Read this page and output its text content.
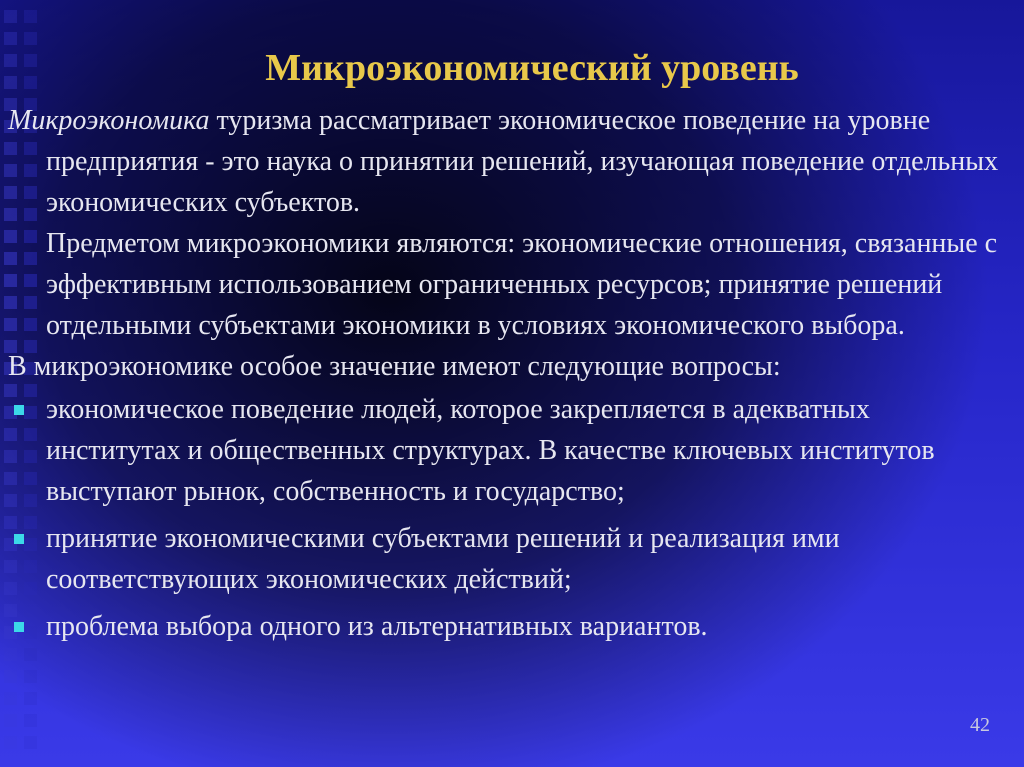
Микроэкономический уровень

Микроэкономика туризма рассматривает экономическое поведение на уровне предприятия - это наука о принятии решений, изучающая поведение отдельных экономических субъектов.

Предметом микроэкономики являются: экономические отношения, связанные с эффективным использованием ограниченных ресурсов; принятие решений отдельными субъектами экономики в условиях экономического выбора.

В микроэкономике особое значение имеют следующие вопросы:

экономическое поведение людей, которое закрепляется в адекватных институтах и общественных структурах. В качестве ключевых институтов выступают рынок, собственность и государство;
принятие экономическими субъектами решений и реализация ими соответствующих экономических действий;
проблема выбора одного из альтернативных вариантов.
42
